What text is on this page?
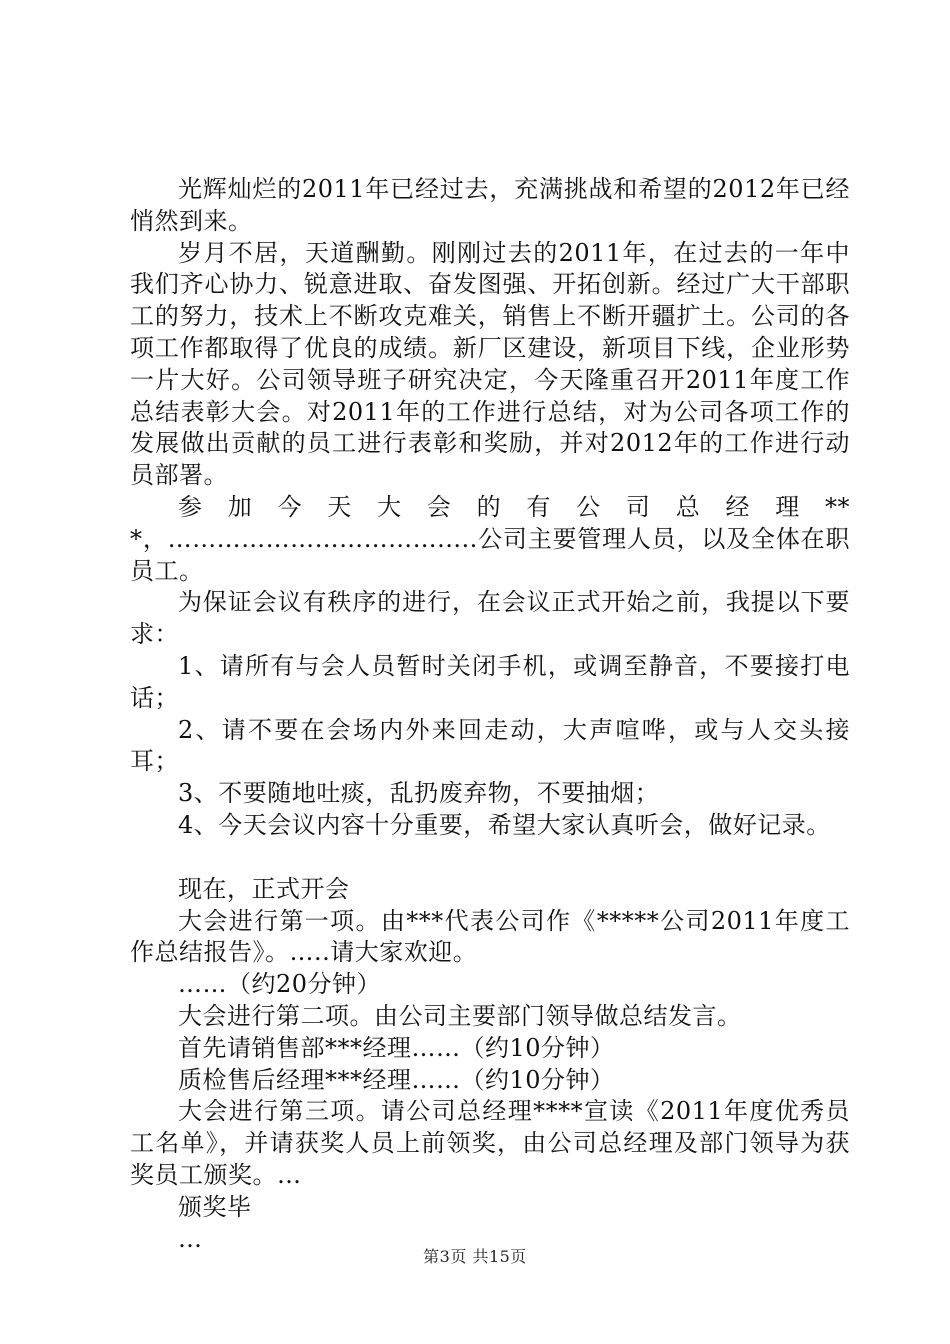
光辉灿烂的2011年已经过去，充满挑战和希望的2012年已经悄然到来。

岁月不居，天道酬勤。刚刚过去的2011年，在过去的一年中我们齐心协力、锐意进取、奋发图强、开拓创新。经过广大干部职工的努力，技术上不断攻克难关，销售上不断开疆扩土。公司的各项工作都取得了优良的成绩。新厂区建设，新项目下线，企业形势一片大好。公司领导班子研究决定，今天隆重召开2011年度工作总结表彰大会。对2011年的工作进行总结，对为公司各项工作的发展做出贡献的员工进行表彰和奖励，并对2012年的工作进行动员部署。

参加今天大会的有公司总经理***，…………………………….....公司主要管理人员，以及全体在职员工。

为保证会议有秩序的进行，在会议正式开始之前，我提以下要求：

1、请所有与会人员暂时关闭手机，或调至静音，不要接打电话；

2、请不要在会场内外来回走动，大声喧哗，或与人交头接耳；

3、不要随地吐痰，乱扔废弃物，不要抽烟；

4、今天会议内容十分重要，希望大家认真听会，做好记录。

现在，正式开会

大会进行第一项。由***代表公司作《*****公司2011年度工作总结报告》。…..请大家欢迎。

……（约20分钟）

大会进行第二项。由公司主要部门领导做总结发言。

首先请销售部***经理……（约10分钟）

质检售后经理***经理……（约10分钟）

大会进行第三项。请公司总经理****宣读《2011年度优秀员工名单》，并请获奖人员上前领奖，由公司总经理及部门领导为获奖员工颁奖。…

颁奖毕

…

第3页 共15页
